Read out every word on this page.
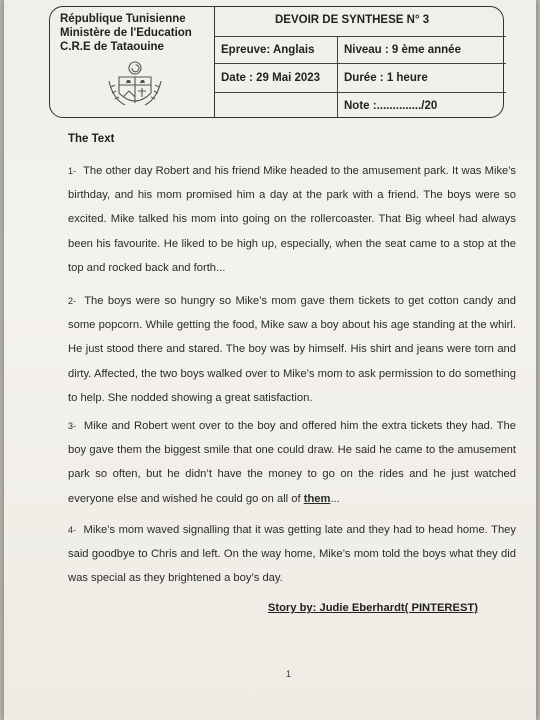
République Tunisienne
Ministère de l'Education
C.R.E de Tataouine
DEVOIR DE SYNTHESE N° 3
Epreuve: Anglais	Niveau : 9 ème année
Date : 29 Mai 2023 Durée : 1 heure
Note :............../20
The Text
1- The other day Robert and his friend Mike headed to the amusement park. It was Mike's birthday, and his mom promised him a day at the park with a friend. The boys were so excited. Mike talked his mom into going on the rollercoaster. That Big wheel had always been his favourite. He liked to be high up, especially, when the seat came to a stop at the top and rocked back and forth...
2- The boys were so hungry so Mike’s mom gave them tickets to get cotton candy and some popcorn. While getting the food, Mike saw a boy about his age standing at the whirl. He just stood there and stared. The boy was by himself. His shirt and jeans were torn and dirty. Affected, the two boys walked over to Mike’s mom to ask permission to do something to help. She nodded showing a great satisfaction.
3- Mike and Robert went over to the boy and offered him the extra tickets they had. The boy gave them the biggest smile that one could draw. He said he came to the amusement park so often, but he didn’t have the money to go on the rides and he just watched everyone else and wished he could go on all of them...
4- Mike’s mom waved signalling that it was getting late and they had to head home. They said goodbye to Chris and left. On the way home, Mike’s mom told the boys what they did was special as they brightened a boy’s day.
Story by: Judie Eberhardt( PINTEREST)
1
